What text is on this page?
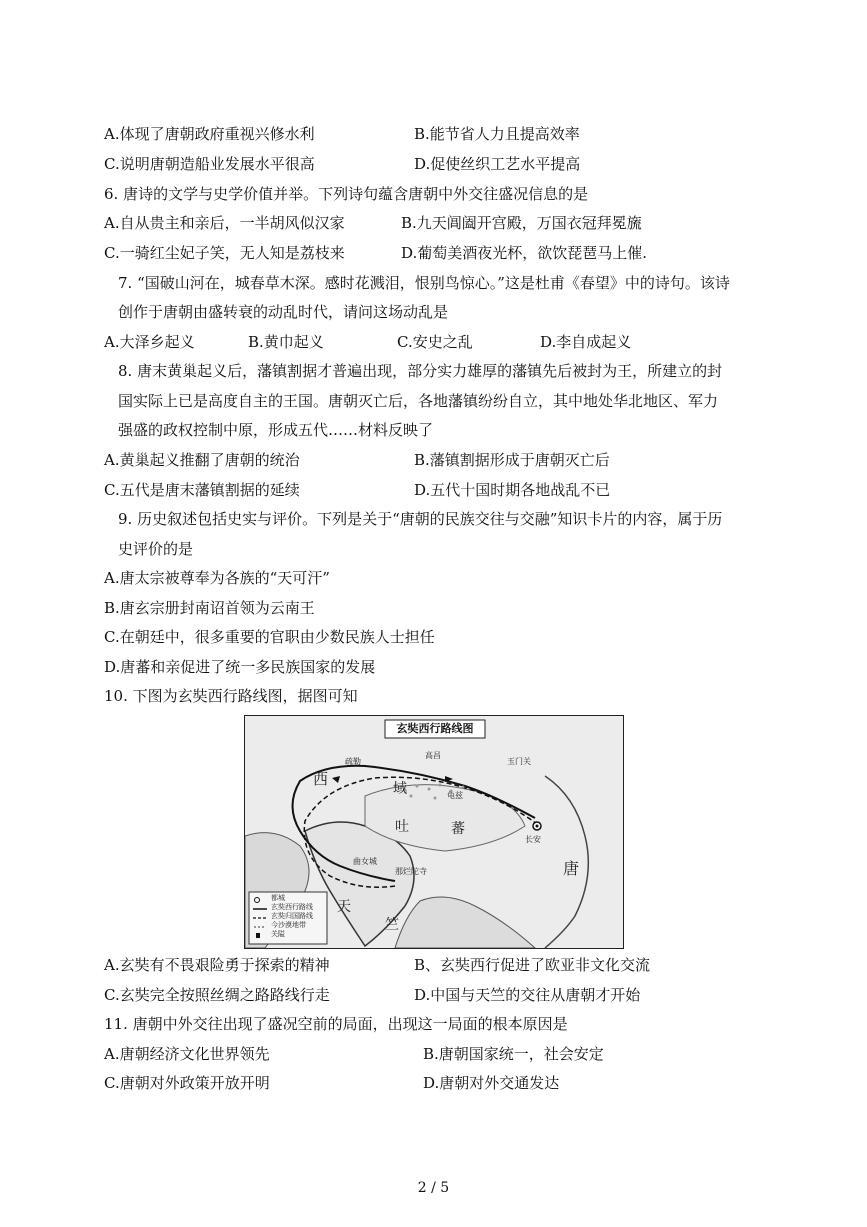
A.体现了唐朝政府重视兴修水利	B.能节省人力且提高效率
C.说明唐朝造船业发展水平很高	D.促使丝织工艺水平提高
6. 唐诗的文学与史学价值并举。下列诗句蕴含唐朝中外交往盛况信息的是
A.自从贵主和亲后，一半胡风似汉家	B.九天阊阖开宫殿，万国衣冠拜冕旒
C.一骑红尘妃子笑，无人知是荔枝来	D.葡萄美酒夜光杯，欲饮琵琶马上催.
7. “国破山河在，城春草木深。感时花溅泪，恨别鸟惊心。”这是杜甫《春望》中的诗句。该诗
创作于唐朝由盛转衰的动乱时代，请问这场动乱是
A.大泽乡起义	B.黄巾起义	C.安史之乱	D.李自成起义
8. 唐末黄巢起义后，藩镇割据才普遍出现，部分实力雄厚的藩镇先后被封为王，所建立的封
国实际上已是高度自主的王国。唐朝灭亡后，各地藩镇纷纷自立，其中地处华北地区、军力
强盛的政权控制中原，形成五代……材料反映了
A.黄巢起义推翻了唐朝的统治	B.藩镇割据形成于唐朝灭亡后
C.五代是唐末藩镇割据的延续	D.五代十国时期各地战乱不已
9. 历史叙述包括史实与评价。下列是关于“唐朝的民族交往与交融”知识卡片的内容，属于历
史评价的是
A.唐太宗被尊奉为各族的“天可汗”
B.唐玄宗册封南诏首领为云南王
C.在朝廷中，很多重要的官职由少数民族人士担任
D.唐蕃和亲促进了统一多民族国家的发展
10. 下图为玄奘西行路线图，据图可知
玄奘西行路线图
西
域
吐	蕃
唐
天
竺
长安
玉门关
高昌
疏勒
龟兹
那烂陀寺
曲女城
都城
玄奘西行路线
玄奘归国路线
今沙漠地带
关隘
A.玄奘有不畏艰险勇于探索的精神	B、玄奘西行促进了欧亚非文化交流
C.玄奘完全按照丝绸之路路线行走	D.中国与天竺的交往从唐朝才开始
11. 唐朝中外交往出现了盛况空前的局面，出现这一局面的根本原因是
A.唐朝经济文化世界领先	B.唐朝国家统一，社会安定
C.唐朝对外政策开放开明	D.唐朝对外交通发达
2 / 5
